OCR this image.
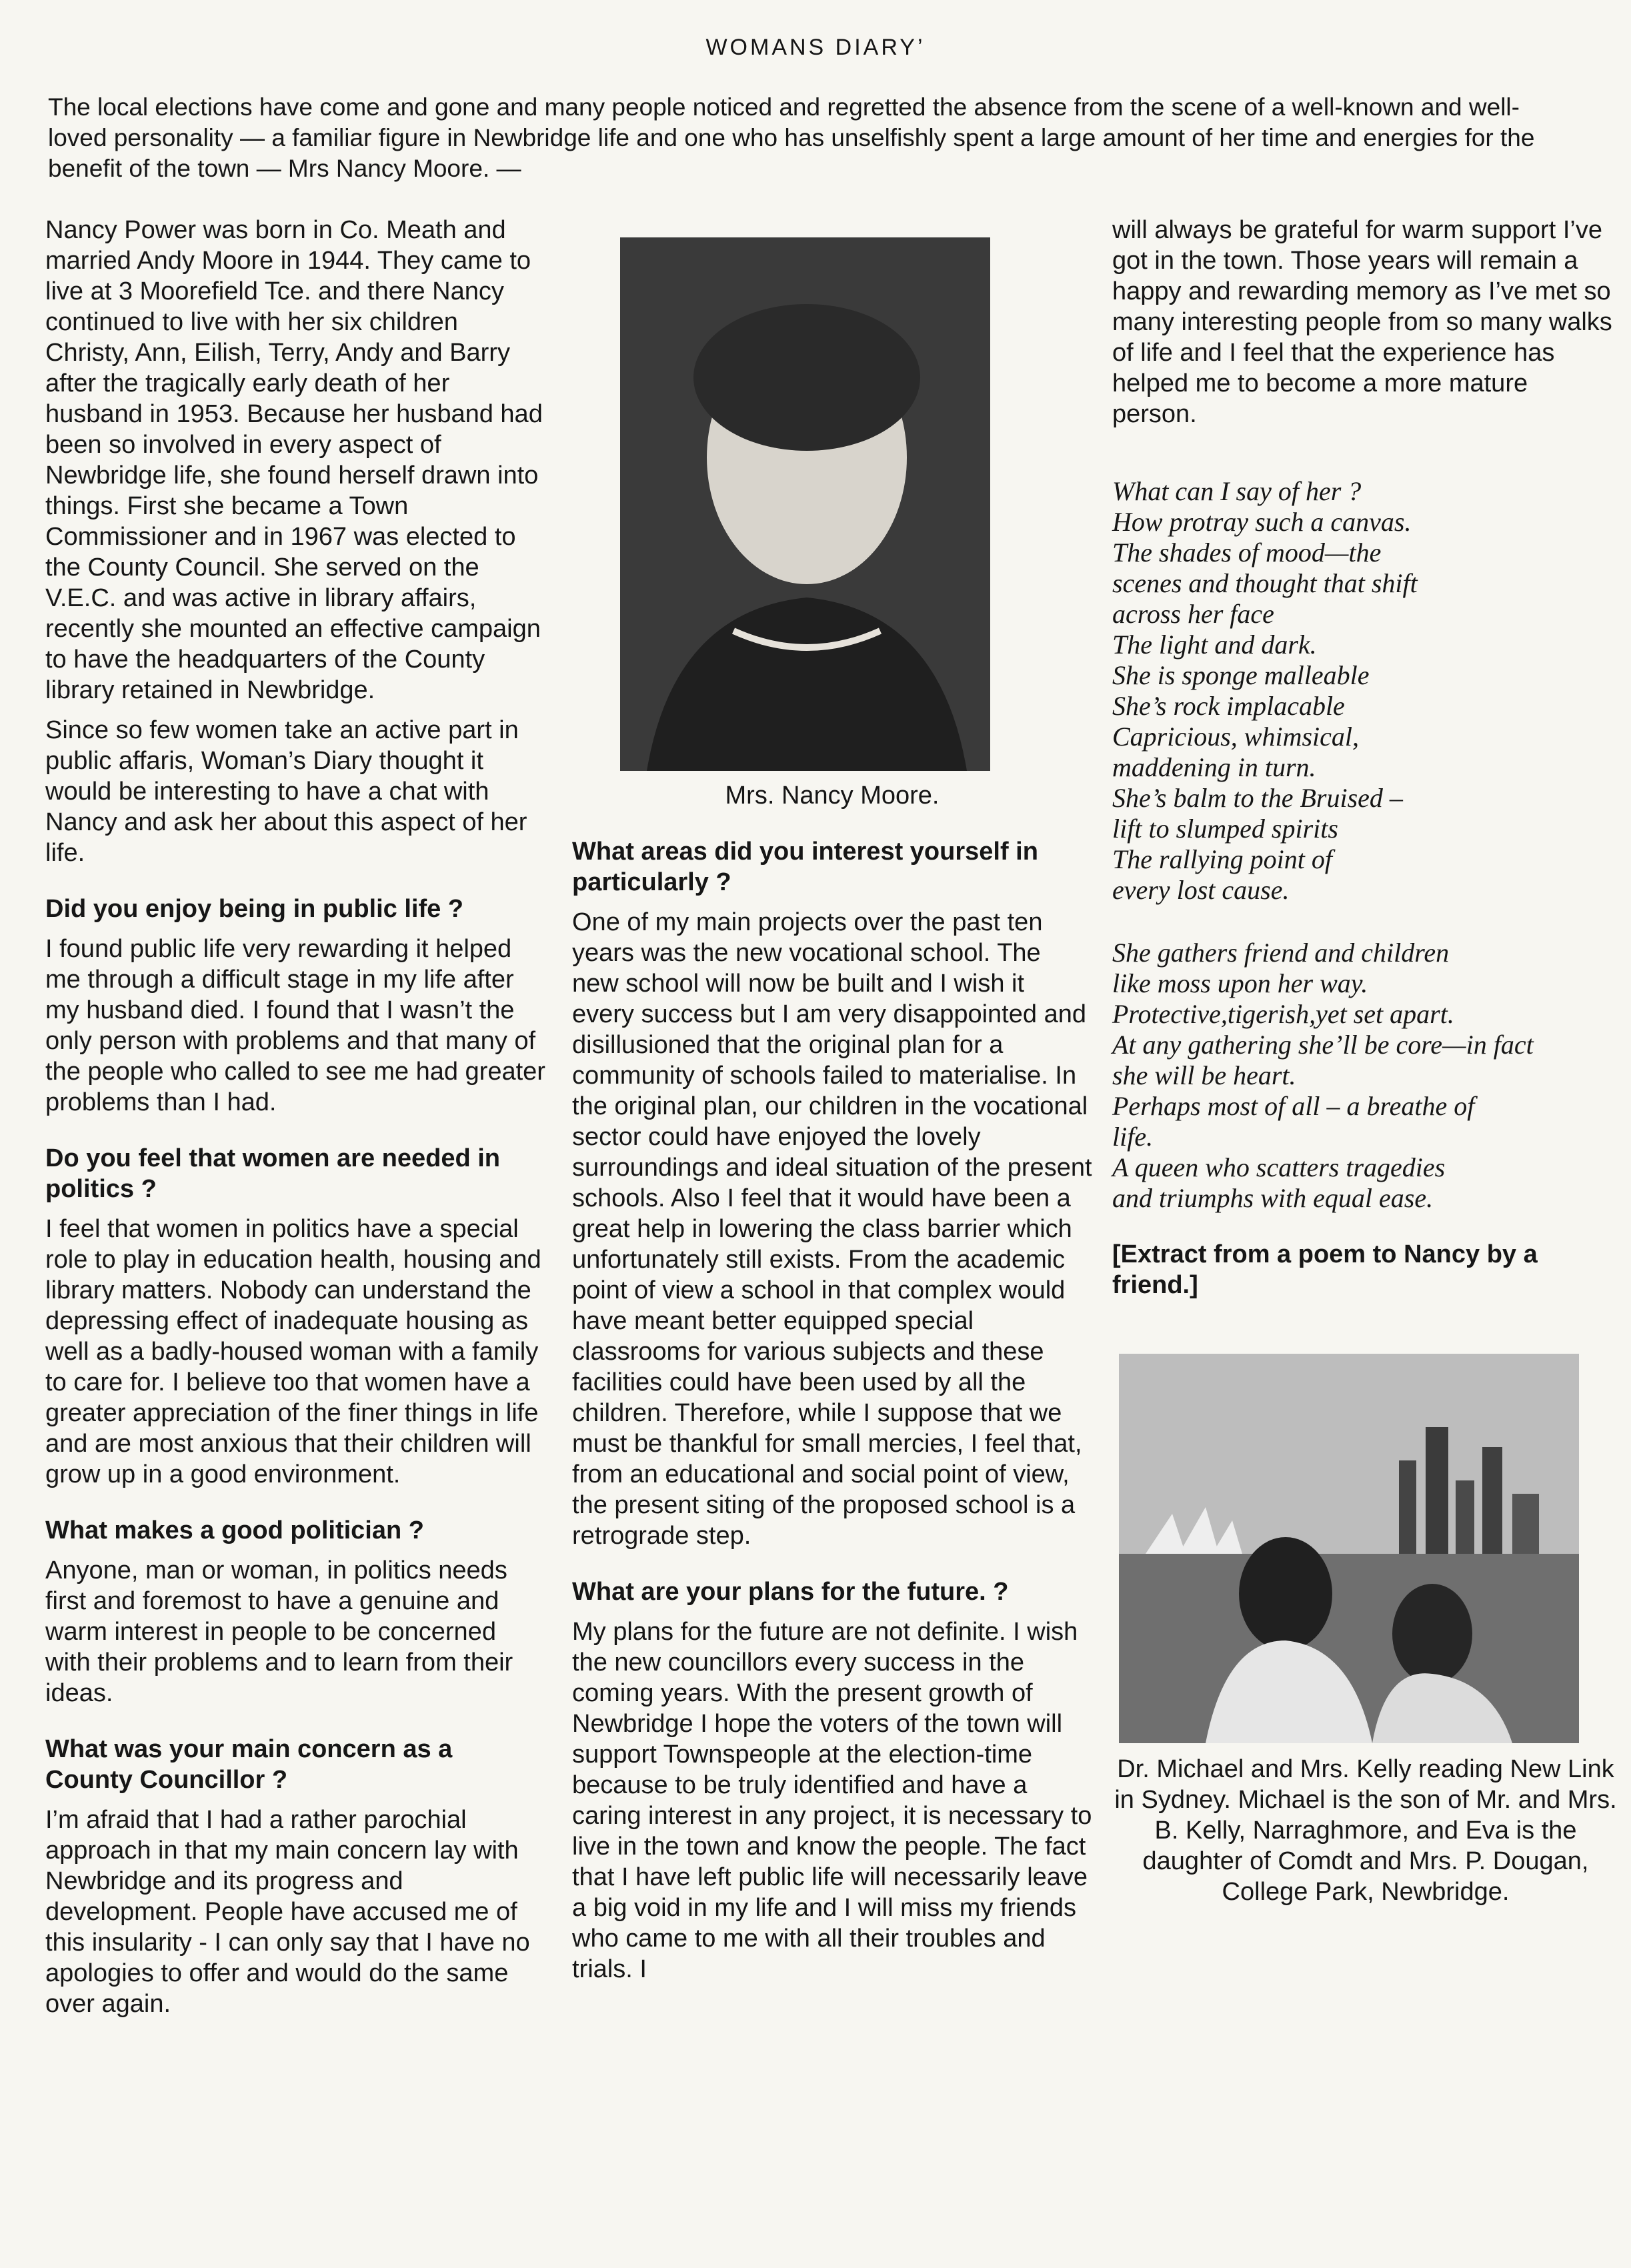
WOMANS DIARY’
The local elections have come and gone and many people noticed and regretted the absence from the scene of a well-known and well-loved personality — a familiar figure in Newbridge life and one who has unselfishly spent a large amount of her time and energies for the benefit of the town — Mrs Nancy Moore. —

Nancy Power was born in Co. Meath and married Andy Moore in 1944. They came to live at 3 Moorefield Tce. and there Nancy continued to live with her six children Christy, Ann, Eilish, Terry, Andy and Barry after the tragically early death of her husband in 1953. Because her husband had been so involved in every aspect of Newbridge life, she found herself drawn into things. First she became a Town Commissioner and in 1967 was elected to the County Council. She served on the V.E.C. and was active in library affairs, recently she mounted an effective campaign to have the headquarters of the County library retained in Newbridge.

Since so few women take an active part in public affaris, Woman’s Diary thought it would be interesting to have a chat with Nancy and ask her about this aspect of her life.

Did you enjoy being in public life ?

I found public life very rewarding it helped me through a difficult stage in my life after my husband died. I found that I wasn’t the only person with problems and that many of the people who called to see me had greater problems than I had.

Do you feel that women are needed in politics ?

I feel that women in politics have a special role to play in education health, housing and library matters. Nobody can understand the depressing effect of inadequate housing as well as a badly-housed woman with a family to care for. I believe too that women have a greater appreciation of the finer things in life and are most anxious that their children will grow up in a good environment.

What makes a good politician ?

Anyone, man or woman, in politics needs first and foremost to have a genuine and warm interest in people to be concerned with their problems and to learn from their ideas.

What was your main concern as a County Councillor ?

I’m afraid that I had a rather parochial approach in that my main concern lay with Newbridge and its progress and development. People have accused me of this insularity - I can only say that I have no apologies to offer and would do the same over again.

Mrs. Nancy Moore.

What areas did you interest yourself in particularly ?

One of my main projects over the past ten years was the new vocational school. The new school will now be built and I wish it every success but I am very disappointed and disillusioned that the original plan for a community of schools failed to materialise. In the original plan, our children in the vocational sector could have enjoyed the lovely surroundings and ideal situation of the present schools. Also I feel that it would have been a great help in lowering the class barrier which unfortunately still exists. From the academic point of view a school in that complex would have meant better equipped special classrooms for various subjects and these facilities could have been used by all the children. Therefore, while I suppose that we must be thankful for small mercies, I feel that, from an educational and social point of view, the present siting of the proposed school is a retrograde step.

What are your plans for the future. ?

My plans for the future are not definite. I wish the new councillors every success in the coming years. With the present growth of Newbridge I hope the voters of the town will support Townspeople at the election-time because to be truly identified and have a caring interest in any project, it is necessary to live in the town and know the people. The fact that I have left public life will necessarily leave a big void in my life and I will miss my friends who came to me with all their troubles and trials. I

will always be grateful for warm support I’ve got in the town. Those years will remain a happy and rewarding memory as I’ve met so many interesting people from so many walks of life and I feel that the experience has helped me to become a more mature person.

What can I say of her ?
How protray such a canvas.
The shades of mood—the
scenes and thought that shift
across her face
The light and dark.
She is sponge malleable
She’s rock implacable
Capricious, whimsical,
maddening in turn.
She’s balm to the Bruised –
lift to slumped spirits
The rallying point of
every lost cause.
She gathers friend and children
like moss upon her way.
Protective,tigerish,yet set apart.
At any gathering she’ll be core—in fact
she will be heart.
Perhaps most of all – a breathe of
life.
A queen who scatters tragedies
and triumphs with equal ease.

[Extract from a poem to Nancy by a friend.]

Dr. Michael and Mrs. Kelly reading New Link in Sydney. Michael is the son of Mr. and Mrs. B. Kelly, Narraghmore, and Eva is the daughter of Comdt and Mrs. P. Dougan, College Park, Newbridge.
